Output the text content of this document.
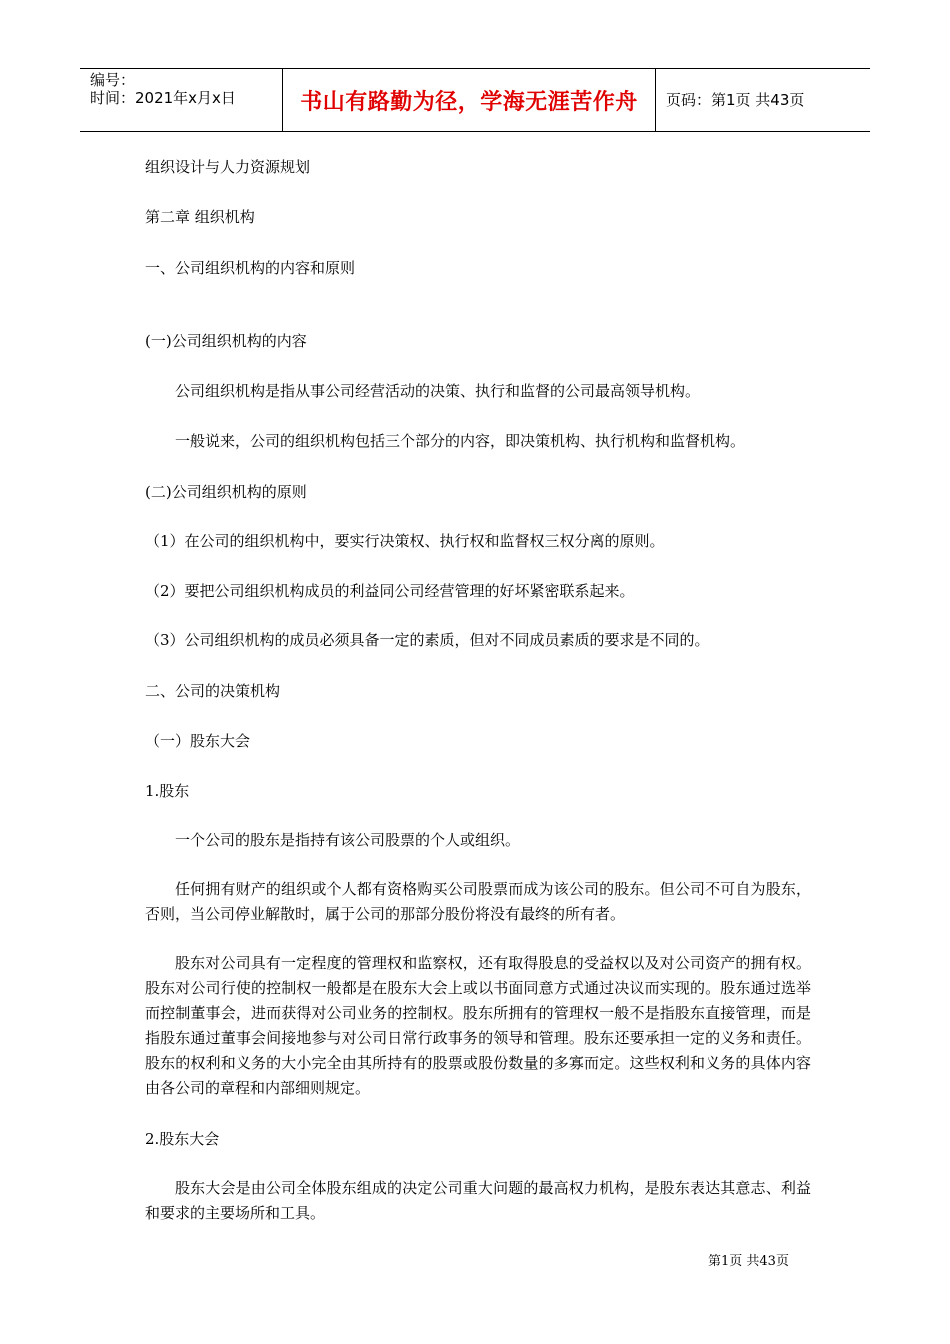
编号：
时间：2021年x月x日	书山有路勤为径，学海无涯苦作舟	页码：第1页 共43页
组织设计与人力资源规划
第二章 组织机构
一、公司组织机构的内容和原则
(一)公司组织机构的内容
公司组织机构是指从事公司经营活动的决策、执行和监督的公司最高领导机构。
一般说来，公司的组织机构包括三个部分的内容，即决策机构、执行机构和监督机构。
(二)公司组织机构的原则
（1）在公司的组织机构中，要实行决策权、执行权和监督权三权分离的原则。
（2）要把公司组织机构成员的利益同公司经营管理的好坏紧密联系起来。
（3）公司组织机构的成员必须具备一定的素质，但对不同成员素质的要求是不同的。
二、公司的决策机构
（一）股东大会
1.股东
一个公司的股东是指持有该公司股票的个人或组织。
任何拥有财产的组织或个人都有资格购买公司股票而成为该公司的股东。但公司不可自为股东，否则，当公司停业解散时，属于公司的那部分股份将没有最终的所有者。
股东对公司具有一定程度的管理权和监察权，还有取得股息的受益权以及对公司资产的拥有权。股东对公司行使的控制权一般都是在股东大会上或以书面同意方式通过决议而实现的。股东通过选举而控制董事会，进而获得对公司业务的控制权。股东所拥有的管理权一般不是指股东直接管理，而是指股东通过董事会间接地参与对公司日常行政事务的领导和管理。股东还要承担一定的义务和责任。股东的权利和义务的大小完全由其所持有的股票或股份数量的多寡而定。这些权利和义务的具体内容由各公司的章程和内部细则规定。
2.股东大会
股东大会是由公司全体股东组成的决定公司重大问题的最高权力机构，是股东表达其意志、利益和要求的主要场所和工具。
第1页 共43页
